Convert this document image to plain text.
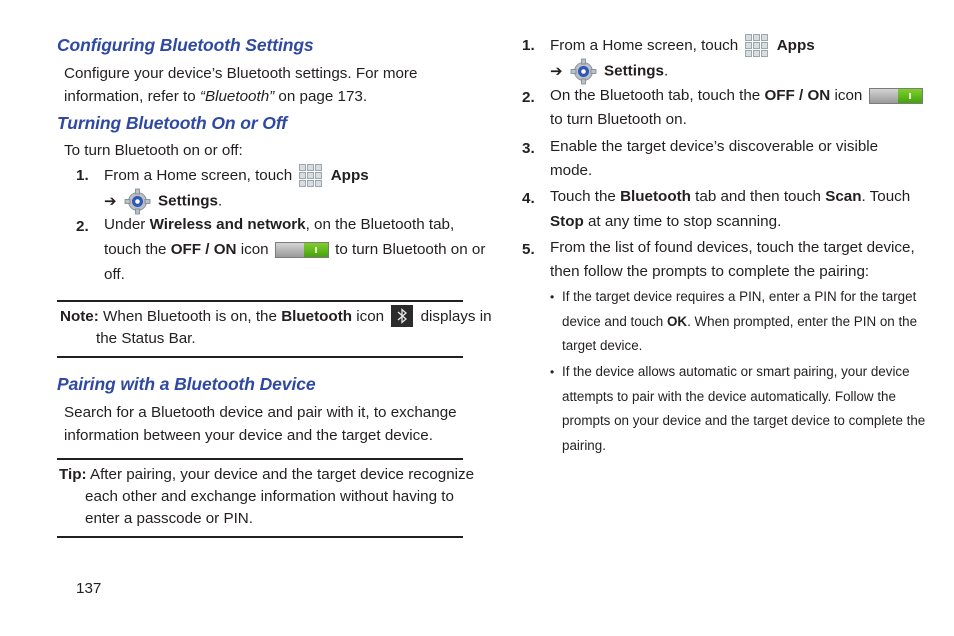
Configuring Bluetooth Settings

Configure your device’s Bluetooth settings. For more
information, refer to “Bluetooth” on page 173.

Turning Bluetooth On or Off

To turn Bluetooth on or off:

1. From a Home screen, touch	Apps

➔	Settings.

2. Under Wireless and network, on the Bluetooth tab,

touch the OFF / ON icon	to turn Bluetooth on or

off.

Note: When Bluetooth is on, the Bluetooth icon displays in

the Status Bar.

Pairing with a Bluetooth Device

Search for a Bluetooth device and pair with it, to exchange
information between your device and the target device.

Tip: After pairing, your device and the target device recognize

each other and exchange information without having to

enter a passcode or PIN.

137

1. From a Home screen, touch	Apps

➔	Settings.

2. On the Bluetooth tab, touch the OFF / ON icon

to turn Bluetooth on.

3. Enable the target device’s discoverable or visible

mode.

4. Touch the Bluetooth tab and then touch Scan. Touch

Stop at any time to stop scanning.

5. From the list of found devices, touch the target device,

then follow the prompts to complete the pairing:

• If the target device requires a PIN, enter a PIN for the target
device and touch OK. When prompted, enter the PIN on the
target device.

• If the device allows automatic or smart pairing, your device
attempts to pair with the device automatically. Follow the
prompts on your device and the target device to complete the
pairing.
